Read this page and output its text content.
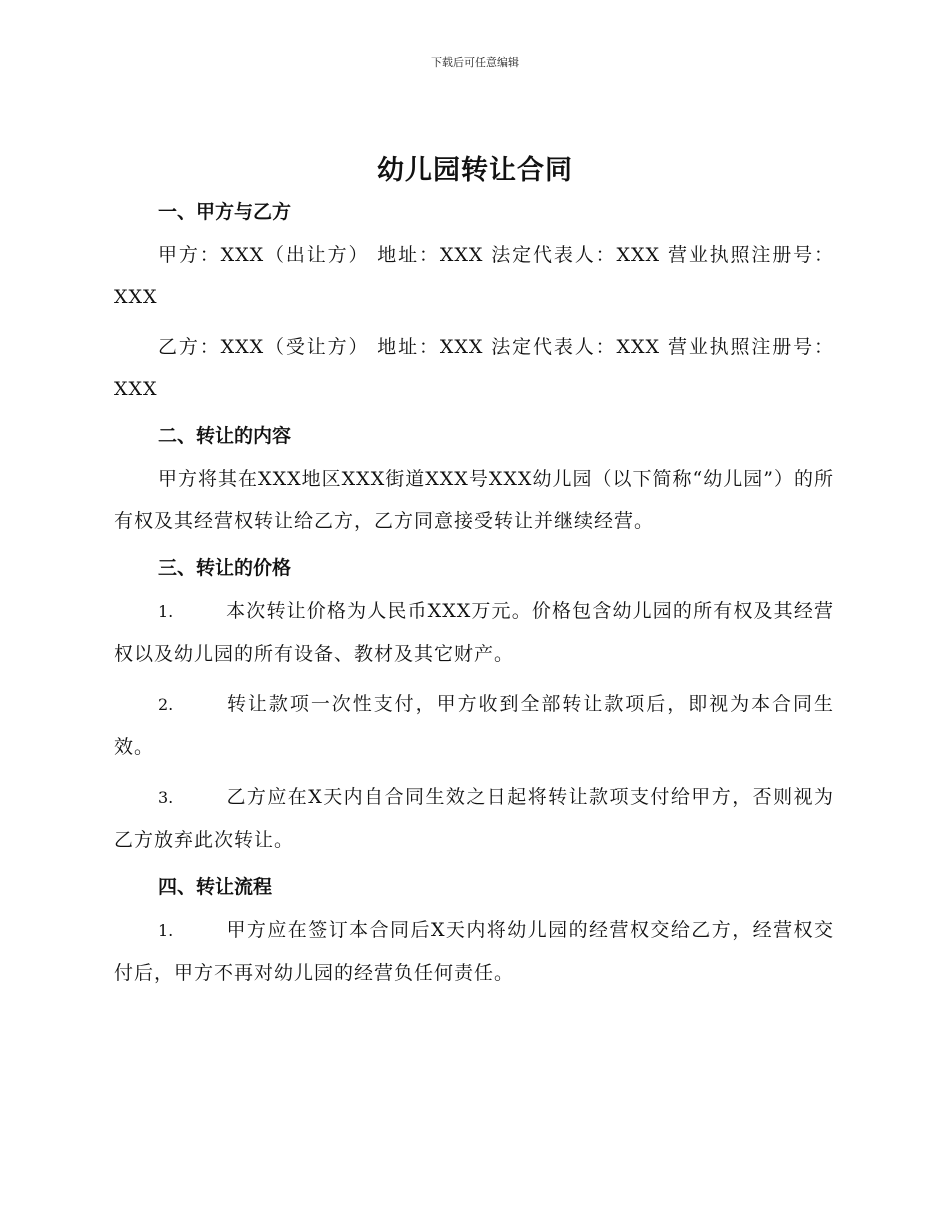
下载后可任意编辑
幼儿园转让合同
一、甲方与乙方
甲方：XXX（出让方） 地址：XXX 法定代表人：XXX 营业执照注册号：XXX
乙方：XXX（受让方） 地址：XXX 法定代表人：XXX 营业执照注册号：XXX
二、转让的内容
甲方将其在XXX地区XXX街道XXX号XXX幼儿园（以下简称“幼儿园”）的所有权及其经营权转让给乙方，乙方同意接受转让并继续经营。
三、转让的价格
1.	本次转让价格为人民币XXX万元。价格包含幼儿园的所有权及其经营权以及幼儿园的所有设备、教材及其它财产。
2.	转让款项一次性支付，甲方收到全部转让款项后，即视为本合同生效。
3.	乙方应在X天内自合同生效之日起将转让款项支付给甲方，否则视为乙方放弃此次转让。
四、转让流程
1.	甲方应在签订本合同后X天内将幼儿园的经营权交给乙方，经营权交付后，甲方不再对幼儿园的经营负任何责任。
